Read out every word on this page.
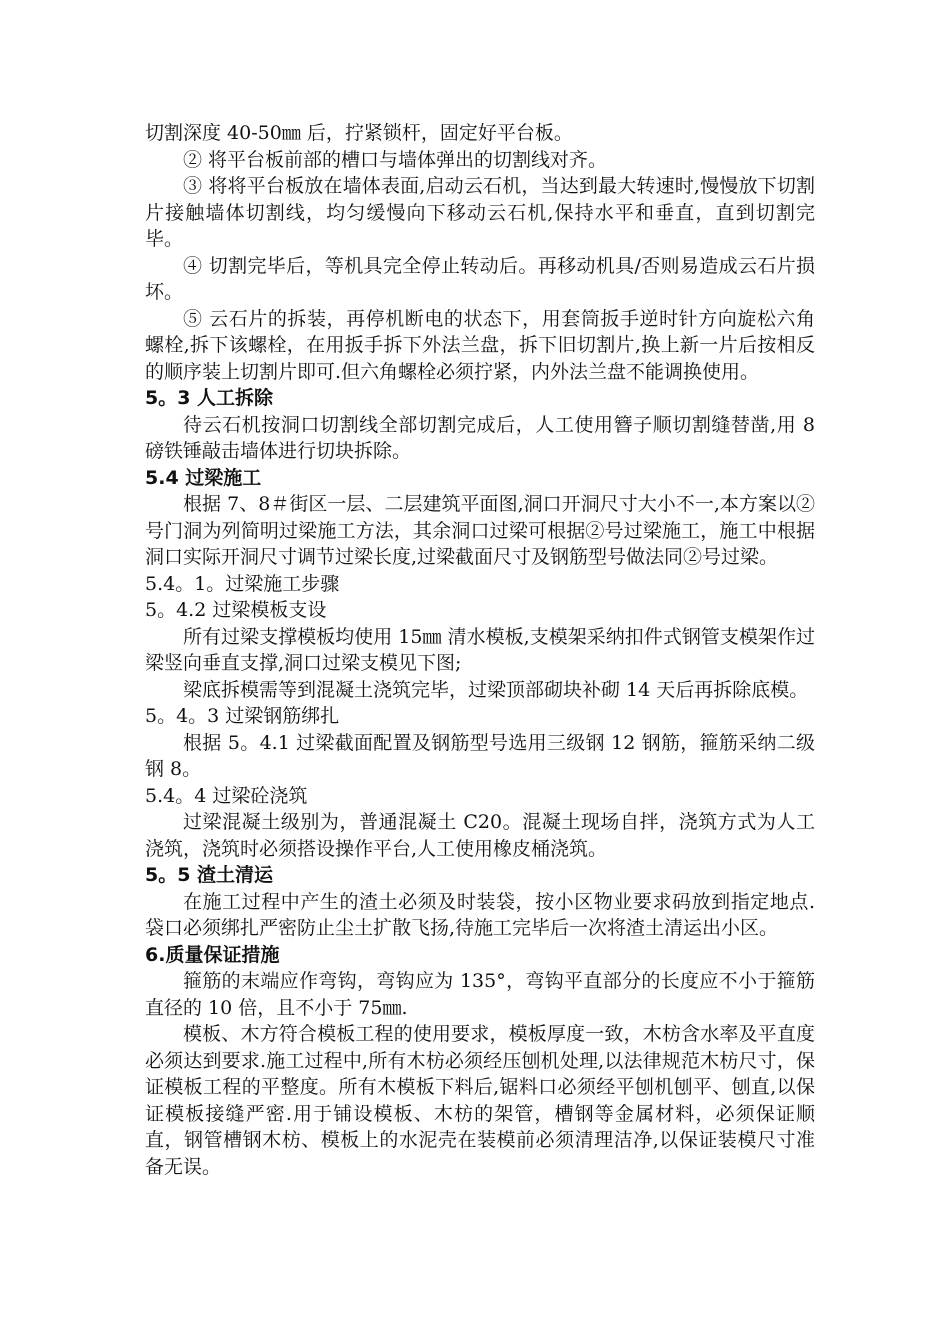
切割深度 40-50㎜ 后，拧紧锁杆，固定好平台板。

② 将平台板前部的槽口与墙体弹出的切割线对齐。

③ 将将平台板放在墙体表面,启动云石机，当达到最大转速时,慢慢放下切割片接触墙体切割线，均匀缓慢向下移动云石机,保持水平和垂直，直到切割完毕。

④ 切割完毕后，等机具完全停止转动后。再移动机具/否则易造成云石片损坏。

⑤ 云石片的拆装，再停机断电的状态下，用套筒扳手逆时针方向旋松六角螺栓,拆下该螺栓，在用扳手拆下外法兰盘，拆下旧切割片,换上新一片后按相反的顺序装上切割片即可.但六角螺栓必须拧紧，内外法兰盘不能调换使用。

5。3 人工拆除

待云石机按洞口切割线全部切割完成后，人工使用簪子顺切割缝替凿,用 8 磅铁锤敲击墙体进行切块拆除。

5.4 过梁施工

根据 7、8＃街区一层、二层建筑平面图,洞口开洞尺寸大小不一,本方案以②号门洞为列简明过梁施工方法，其余洞口过梁可根据②号过梁施工，施工中根据洞口实际开洞尺寸调节过梁长度,过梁截面尺寸及钢筋型号做法同②号过梁。

5.4。1。过梁施工步骤

5。4.2 过梁模板支设

所有过梁支撑模板均使用 15㎜ 清水模板,支模架采纳扣件式钢管支模架作过梁竖向垂直支撑,洞口过梁支模见下图;

梁底拆模需等到混凝土浇筑完毕，过梁顶部砌块补砌 14 天后再拆除底模。

5。4。3 过梁钢筋绑扎

根据 5。4.1 过梁截面配置及钢筋型号选用三级钢 12 钢筋，箍筋采纳二级钢 8。

5.4。4 过梁砼浇筑

过梁混凝土级别为，普通混凝土 C20。混凝土现场自拌，浇筑方式为人工浇筑，浇筑时必须搭设操作平台,人工使用橡皮桶浇筑。

5。5 渣土清运

在施工过程中产生的渣土必须及时装袋，按小区物业要求码放到指定地点.袋口必须绑扎严密防止尘土扩散飞扬,待施工完毕后一次将渣土清运出小区。

6.质量保证措施

箍筋的末端应作弯钩，弯钩应为 135°，弯钩平直部分的长度应不小于箍筋直径的 10 倍，且不小于 75㎜.

模板、木方符合模板工程的使用要求，模板厚度一致，木枋含水率及平直度必须达到要求.施工过程中,所有木枋必须经压刨机处理,以法律规范木枋尺寸，保证模板工程的平整度。所有木模板下料后,锯料口必须经平刨机刨平、刨直,以保证模板接缝严密.用于铺设模板、木枋的架管，槽钢等金属材料，必须保证顺直，钢管槽钢木枋、模板上的水泥壳在装模前必须清理洁净,以保证装模尺寸准备无误。
